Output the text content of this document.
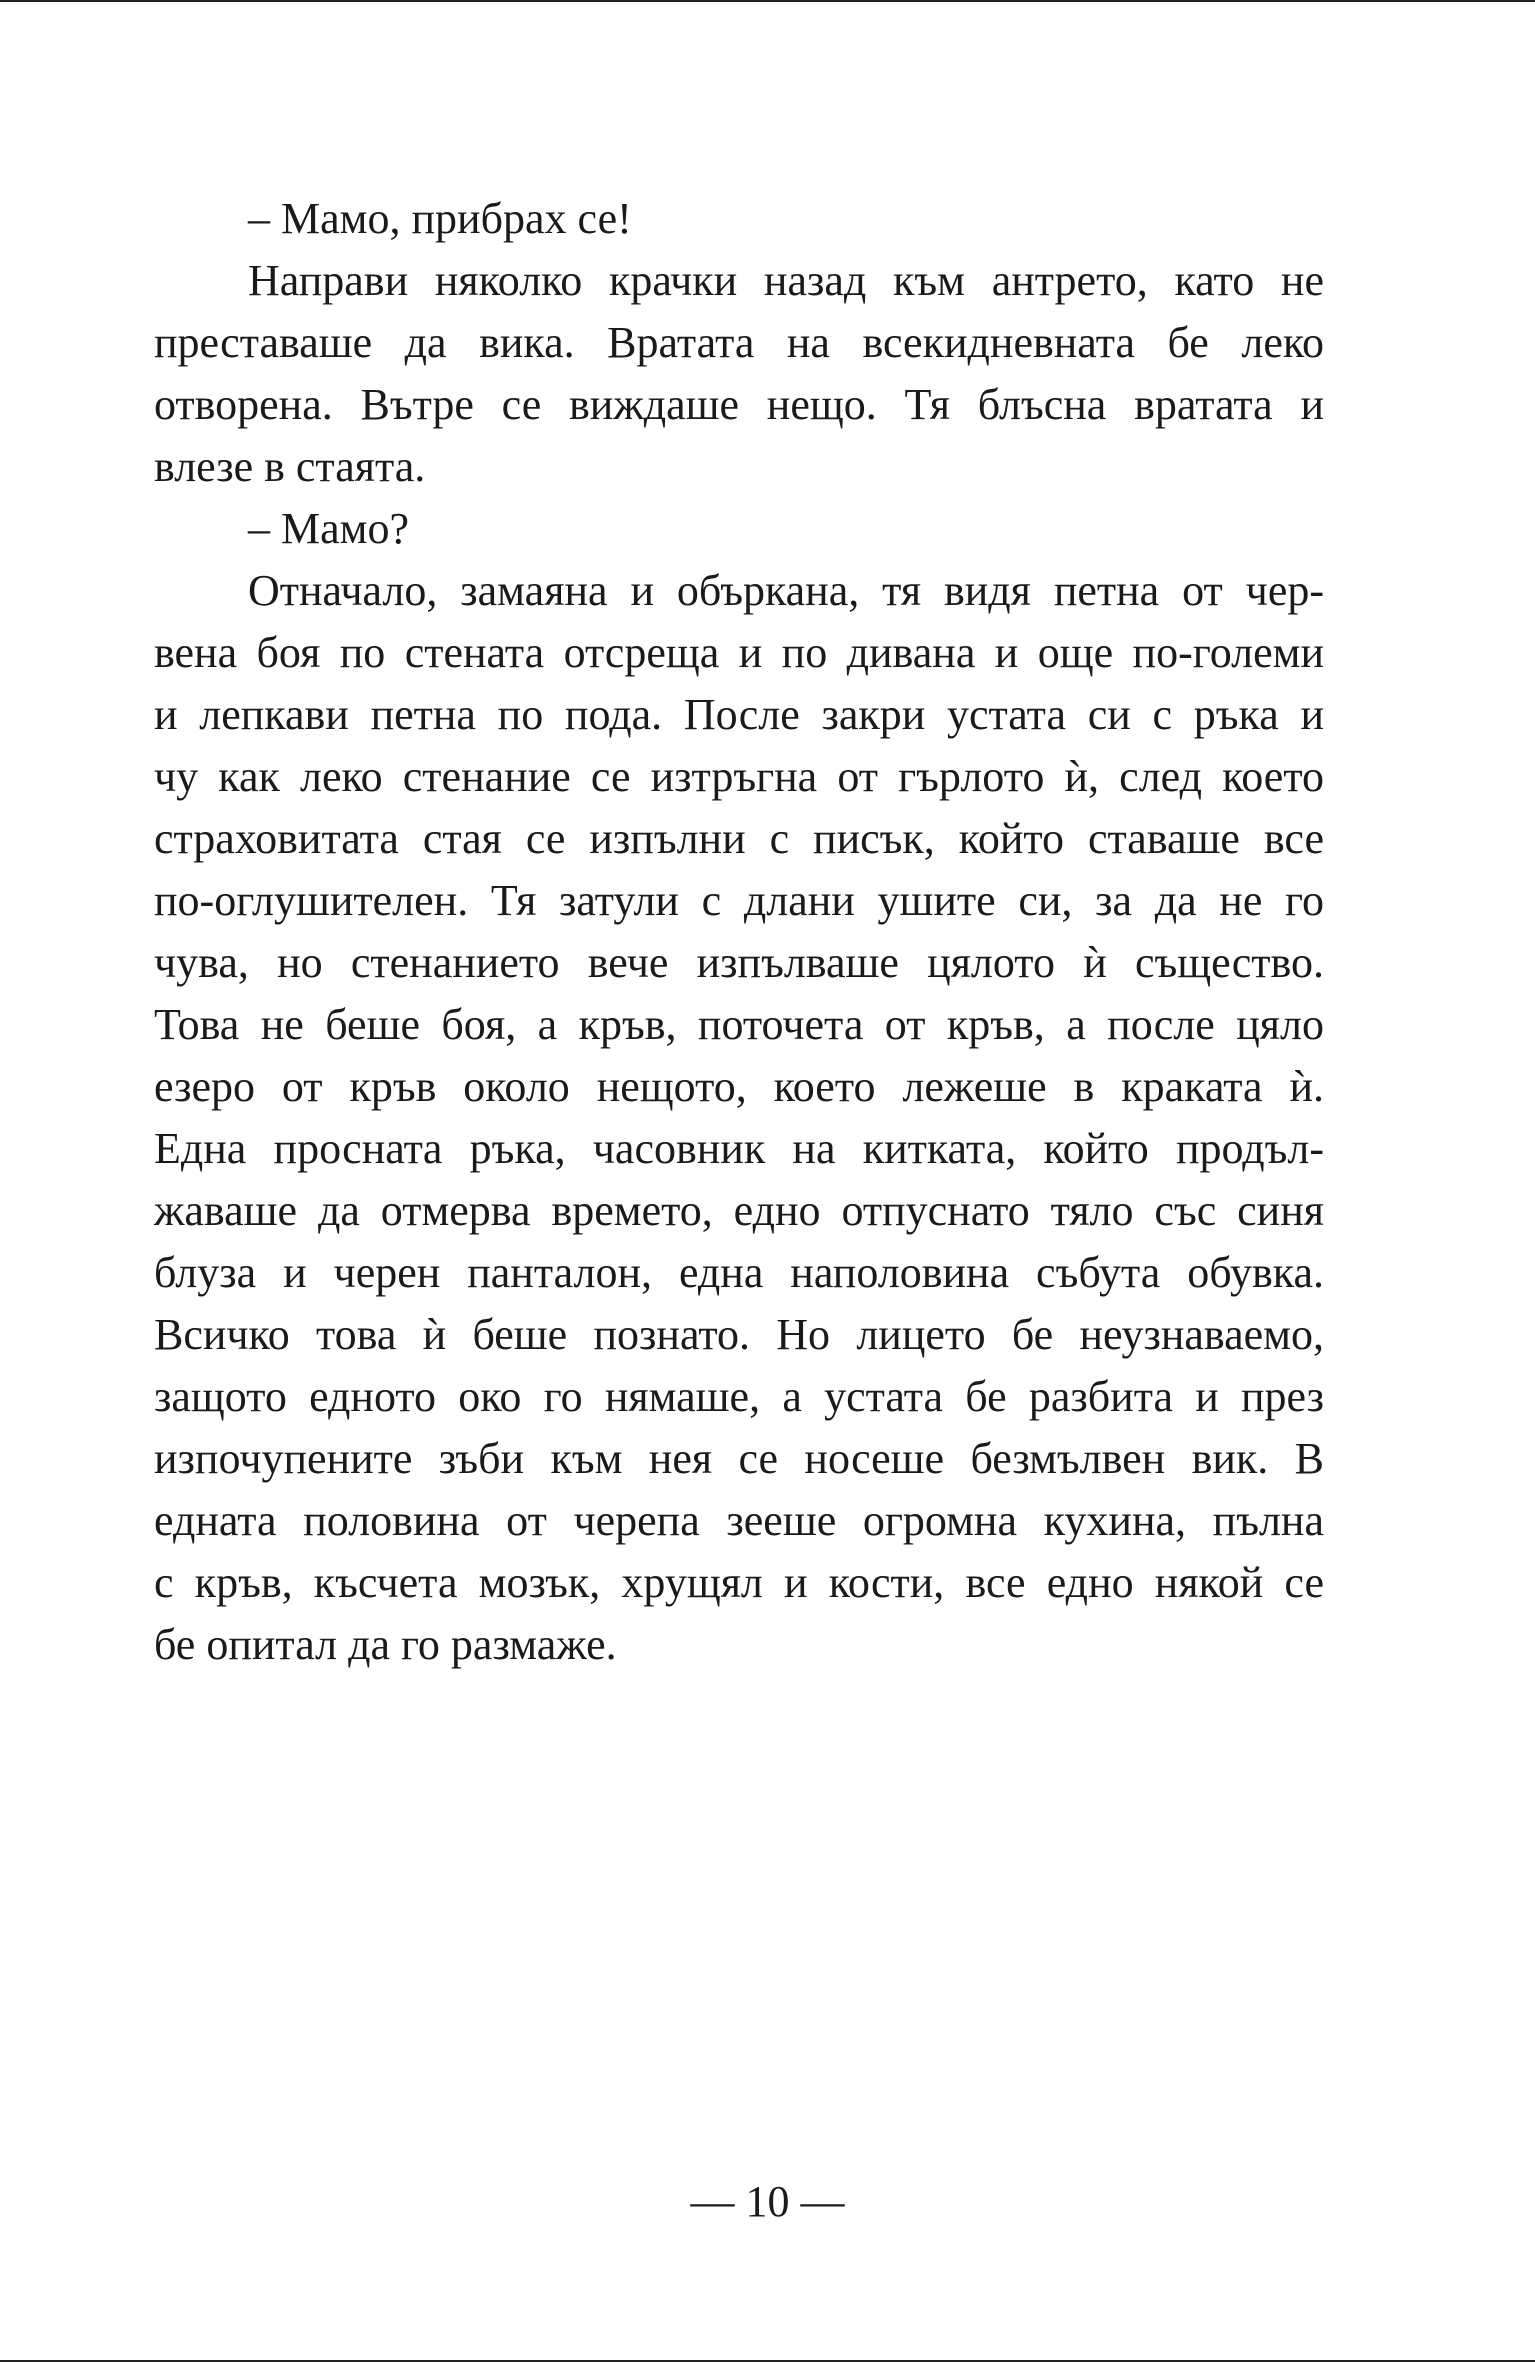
– Мамо, прибрах се!
Направи няколко крачки назад към антрето, като не
преставаше да вика. Вратата на всекидневната бе леко
отворена. Вътре се виждаше нещо. Тя блъсна вратата и
влезе в стаята.
– Мамо?
Отначало, замаяна и объркана, тя видя петна от чер-
вена боя по стената отсреща и по дивана и още по-големи
и лепкави петна по пода. После закри устата си с ръка и
чу как леко стенание се изтръгна от гърлото ѝ, след което
страховитата стая се изпълни с писък, който ставаше все
по-оглушителен. Тя затули с длани ушите си, за да не го
чува, но стенанието вече изпълваше цялото ѝ същество.
Това не беше боя, а кръв, поточета от кръв, а после цяло
езеро от кръв около нещото, което лежеше в краката ѝ.
Една проснатa ръка, часовник на китката, който продъл-
жаваше да отмерва времето, едно отпуснато тяло със синя
блуза и черен панталон, една наполовина събута обувка.
Всичко това ѝ беше познато. Но лицето бе неузнаваемо,
защото едното око го нямаше, а устата бе разбита и през
изпочупените зъби към нея се носеше безмълвен вик. В
едната половина от черепа зееше огромна кухина, пълна
с кръв, късчета мозък, хрущял и кости, все едно някой се
бе опитал да го размаже.
— 10 —
